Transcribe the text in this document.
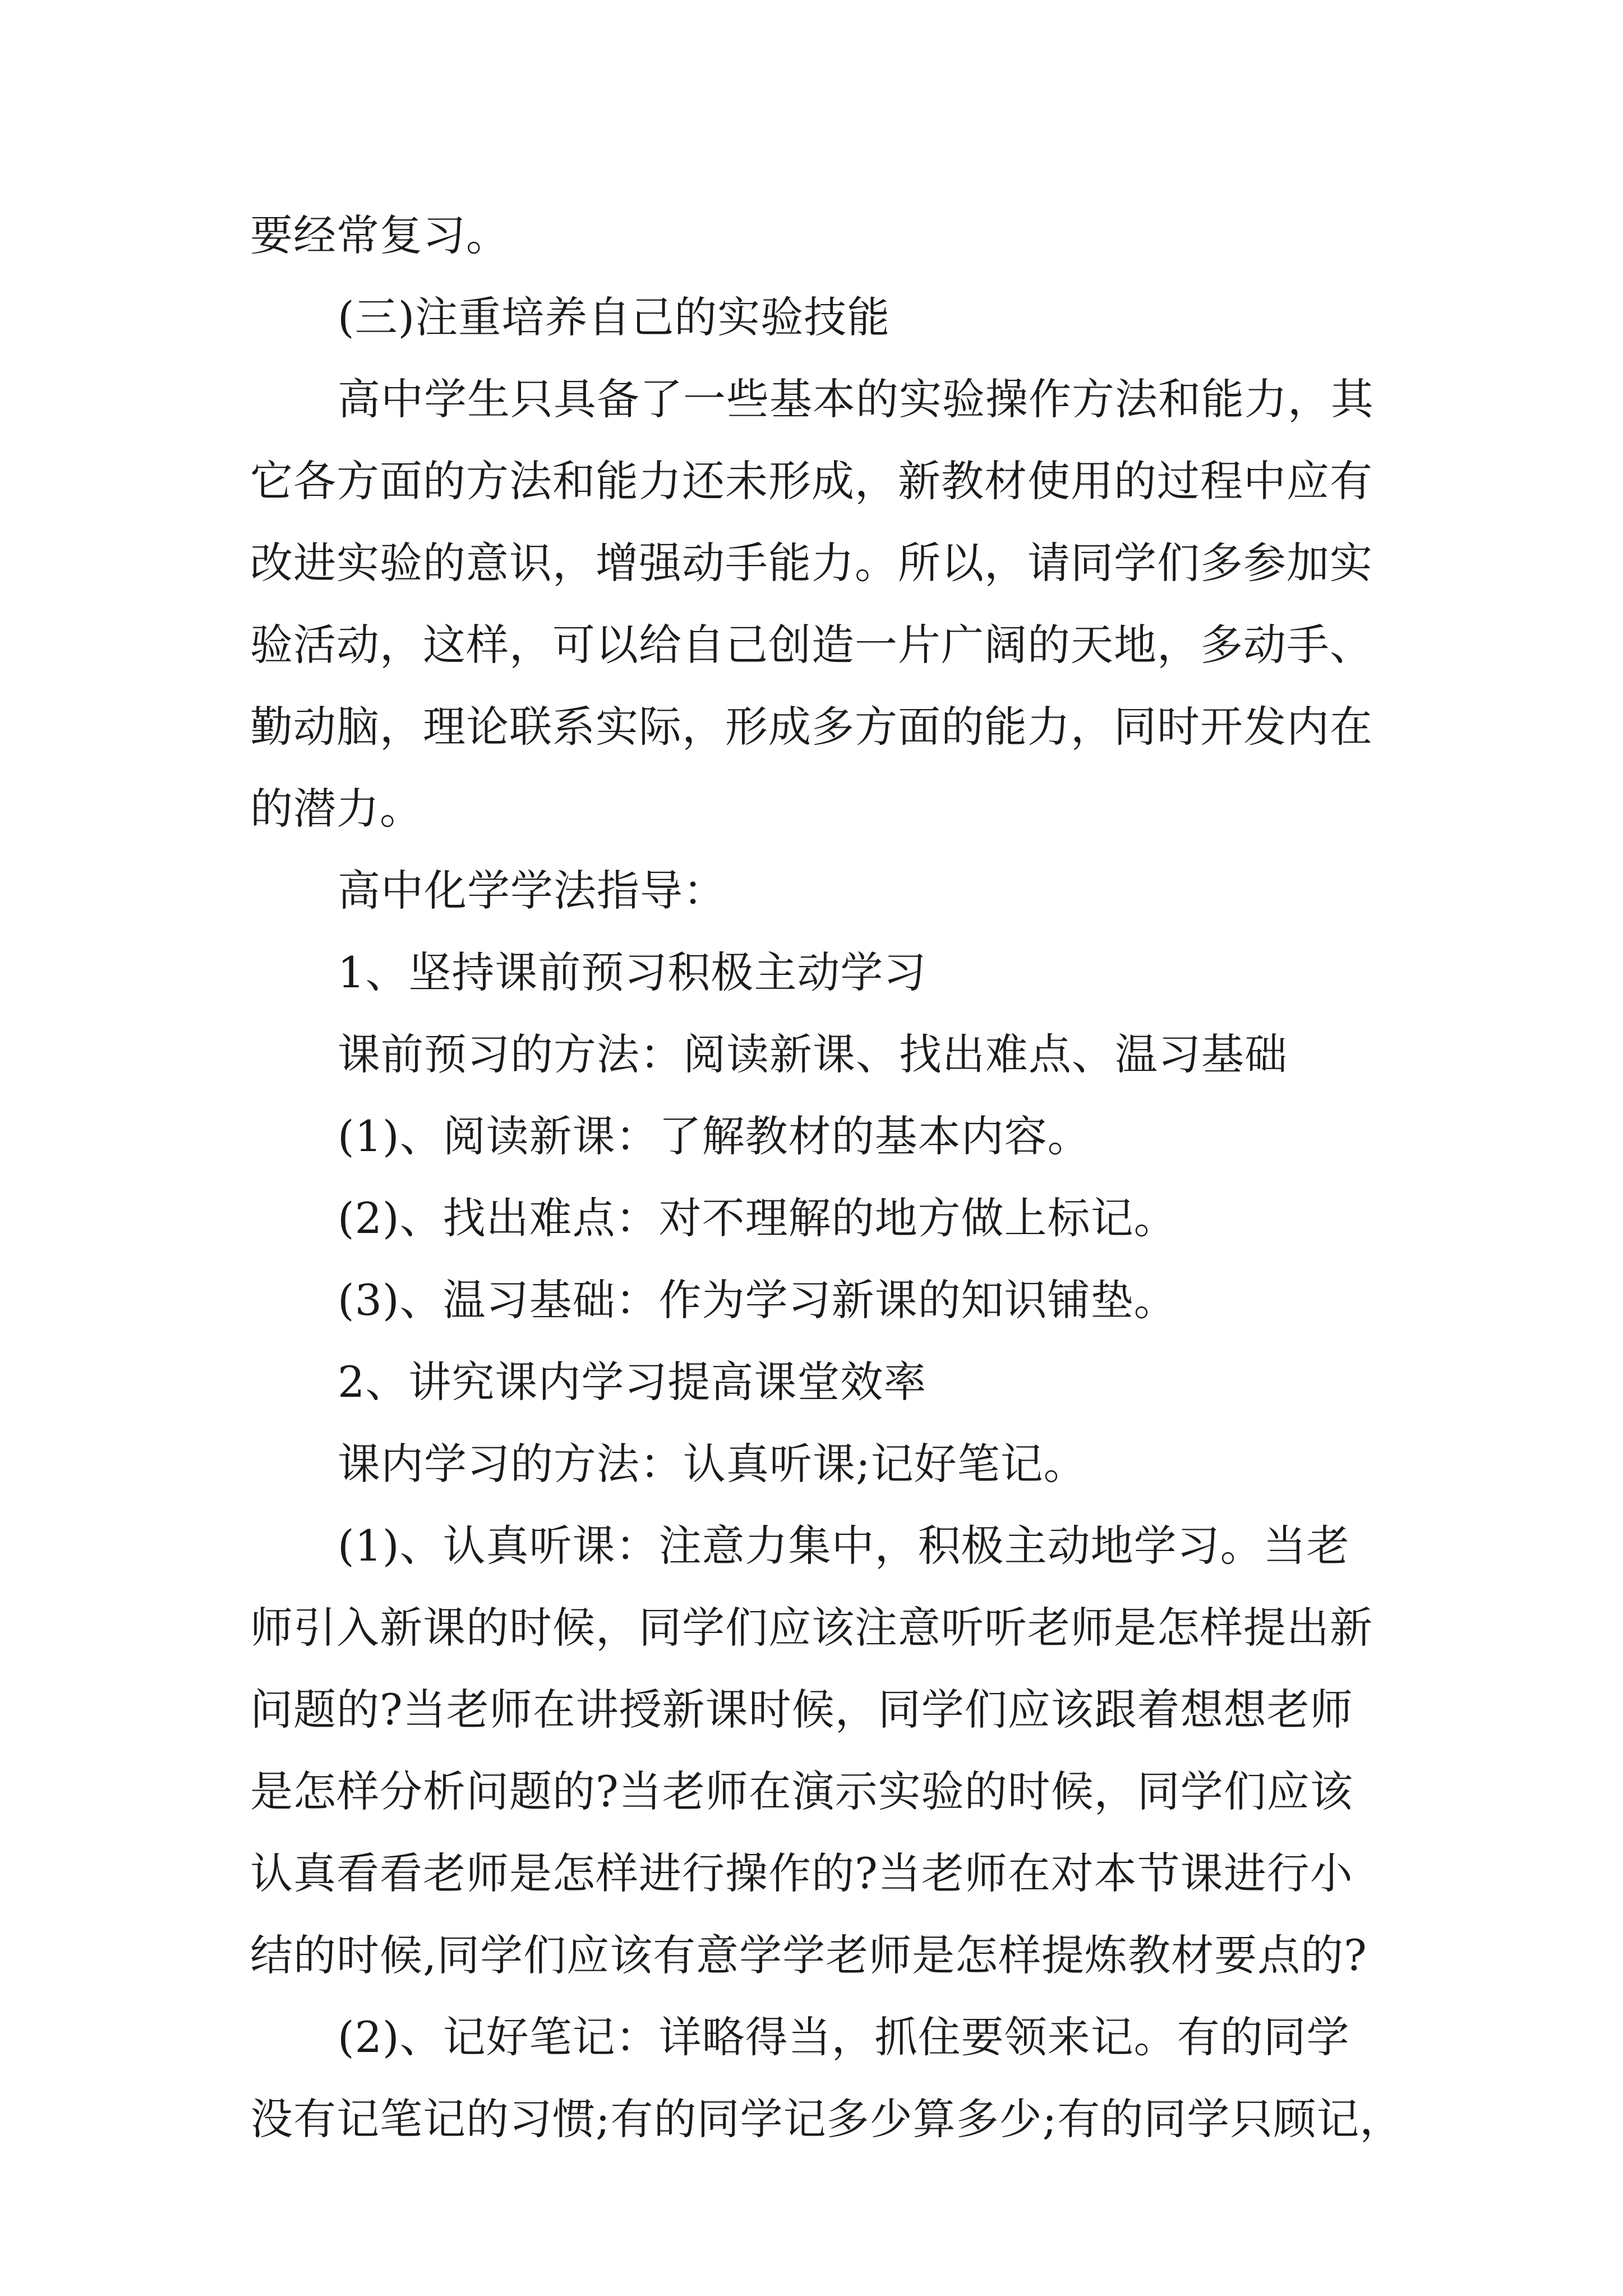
要经常复习。
(三)注重培养自己的实验技能
高中学生只具备了一些基本的实验操作方法和能力，其
它各方面的方法和能力还未形成，新教材使用的过程中应有
改进实验的意识，增强动手能力。所以，请同学们多参加实
验活动，这样，可以给自己创造一片广阔的天地，多动手、
勤动脑，理论联系实际，形成多方面的能力，同时开发内在
的潜力。
高中化学学法指导：
1、坚持课前预习积极主动学习
课前预习的方法：阅读新课、找出难点、温习基础
(1)、阅读新课：了解教材的基本内容。
(2)、找出难点：对不理解的地方做上标记。
(3)、温习基础：作为学习新课的知识铺垫。
2、讲究课内学习提高课堂效率
课内学习的方法：认真听课;记好笔记。
(1)、认真听课：注意力集中，积极主动地学习。当老
师引入新课的时候，同学们应该注意听听老师是怎样提出新
问题的?当老师在讲授新课时候，同学们应该跟着想想老师
是怎样分析问题的?当老师在演示实验的时候，同学们应该
认真看看老师是怎样进行操作的?当老师在对本节课进行小
结的时候,同学们应该有意学学老师是怎样提炼教材要点的?
(2)、记好笔记：详略得当，抓住要领来记。有的同学
没有记笔记的习惯;有的同学记多少算多少;有的同学只顾记，
